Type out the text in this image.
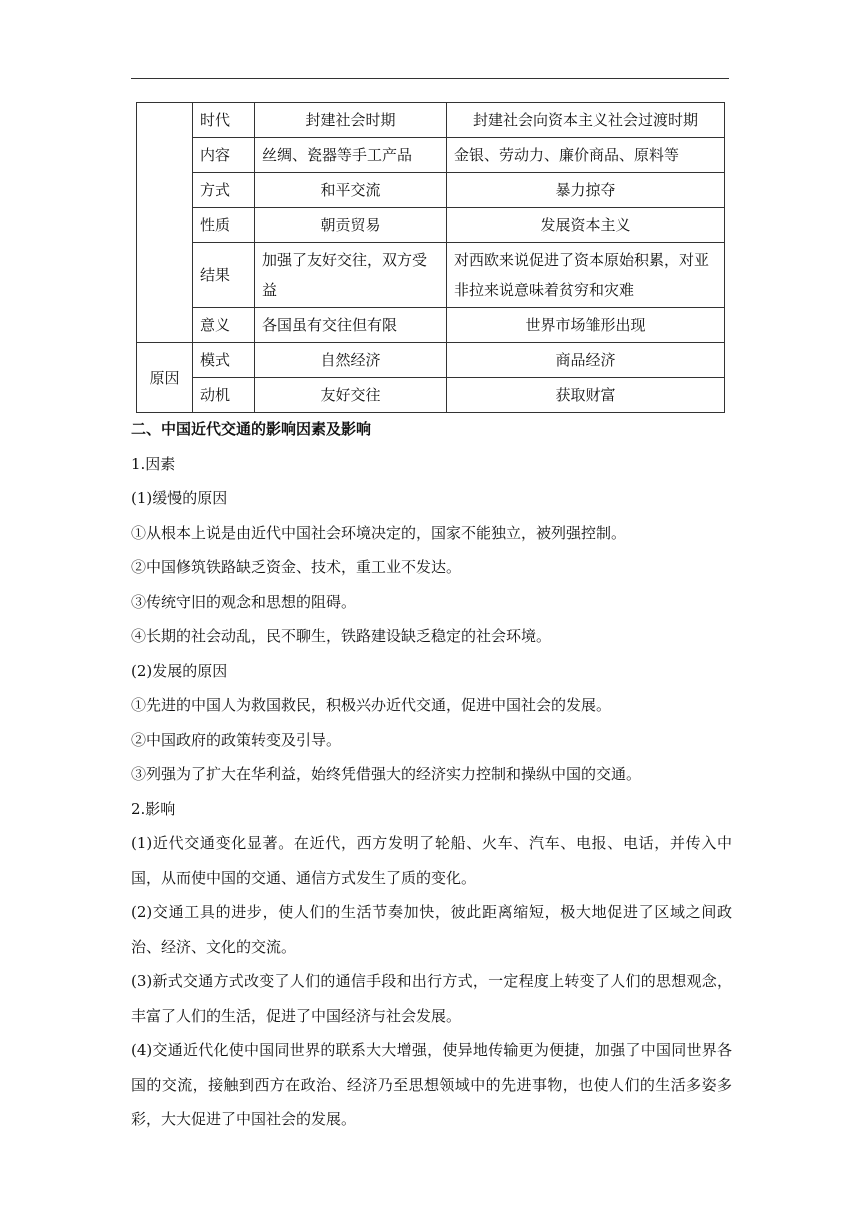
	时代	封建社会时期	封建社会向资本主义社会过渡时期
	内容	丝绸、瓷器等手工产品	金银、劳动力、廉价商品、原料等
	方式	和平交流	暴力掠夺
	性质	朝贡贸易	发展资本主义
	结果	加强了友好交往，双方受益	对西欧来说促进了资本原始积累，对亚非拉来说意味着贫穷和灾难
	意义	各国虽有交往但有限	世界市场雏形出现
原因	模式	自然经济	商品经济
	动机	友好交往	获取财富
二、中国近代交通的影响因素及影响

1.因素

(1)缓慢的原因

①从根本上说是由近代中国社会环境决定的，国家不能独立，被列强控制。

②中国修筑铁路缺乏资金、技术，重工业不发达。

③传统守旧的观念和思想的阻碍。

④长期的社会动乱，民不聊生，铁路建设缺乏稳定的社会环境。

(2)发展的原因

①先进的中国人为救国救民，积极兴办近代交通，促进中国社会的发展。

②中国政府的政策转变及引导。

③列强为了扩大在华利益，始终凭借强大的经济实力控制和操纵中国的交通。

2.影响

(1)近代交通变化显著。在近代，西方发明了轮船、火车、汽车、电报、电话，并传入中国，从而使中国的交通、通信方式发生了质的变化。

(2)交通工具的进步，使人们的生活节奏加快，彼此距离缩短，极大地促进了区域之间政治、经济、文化的交流。

(3)新式交通方式改变了人们的通信手段和出行方式，一定程度上转变了人们的思想观念，丰富了人们的生活，促进了中国经济与社会发展。

(4)交通近代化使中国同世界的联系大大增强，使异地传输更为便捷，加强了中国同世界各国的交流，接触到西方在政治、经济乃至思想领域中的先进事物，也使人们的生活多姿多彩，大大促进了中国社会的发展。
